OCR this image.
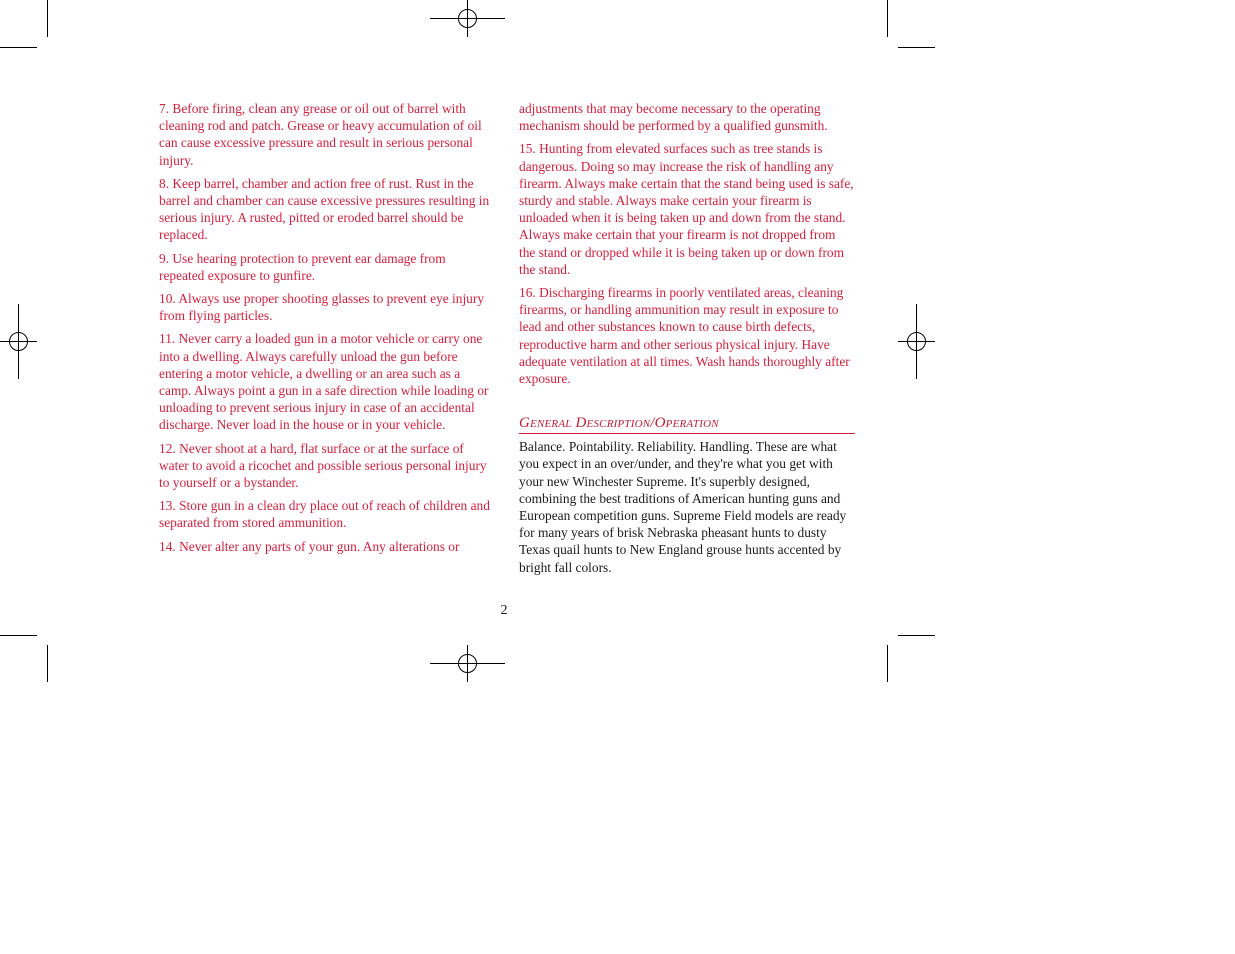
7. Before firing, clean any grease or oil out of barrel with cleaning rod and patch. Grease or heavy accumulation of oil can cause excessive pressure and result in serious personal injury.

8. Keep barrel, chamber and action free of rust. Rust in the barrel and chamber can cause excessive pressures resulting in serious injury. A rusted, pitted or eroded barrel should be replaced.

9. Use hearing protection to prevent ear damage from repeated exposure to gunfire.

10. Always use proper shooting glasses to prevent eye injury from flying particles.

11. Never carry a loaded gun in a motor vehicle or carry one into a dwelling. Always carefully unload the gun before entering a motor vehicle, a dwelling or an area such as a camp. Always point a gun in a safe direction while loading or unloading to prevent serious injury in case of an accidental discharge. Never load in the house or in your vehicle.

12. Never shoot at a hard, flat surface or at the surface of water to avoid a ricochet and possible serious personal injury to yourself or a bystander.

13. Store gun in a clean dry place out of reach of children and separated from stored ammunition.

14. Never alter any parts of your gun. Any alterations or

adjustments that may become necessary to the operating mechanism should be performed by a qualified gunsmith.

15. Hunting from elevated surfaces such as tree stands is dangerous. Doing so may increase the risk of handling any firearm. Always make certain that the stand being used is safe, sturdy and stable. Always make certain your firearm is unloaded when it is being taken up and down from the stand. Always make certain that your firearm is not dropped from the stand or dropped while it is being taken up or down from the stand.

16. Discharging firearms in poorly ventilated areas, cleaning firearms, or handling ammunition may result in exposure to lead and other substances known to cause birth defects, reproductive harm and other serious physical injury. Have adequate ventilation at all times. Wash hands thoroughly after exposure.

General Description/Operation
Balance. Pointability. Reliability. Handling. These are what you expect in an over/under, and they're what you get with your new Winchester Supreme. It's superbly designed, combining the best traditions of American hunting guns and European competition guns. Supreme Field models are ready for many years of brisk Nebraska pheasant hunts to dusty Texas quail hunts to New England grouse hunts accented by bright fall colors.
2
